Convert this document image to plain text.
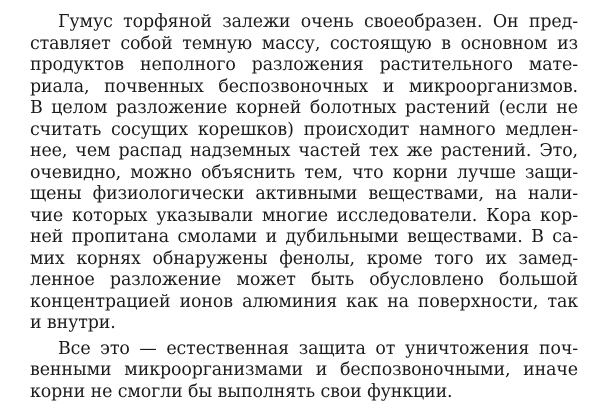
Гумус торфяной залежи очень своеобразен. Он пред-
ставляет собой темную массу, состоящую в основном из
продуктов неполного разложения растительного мате-
риала, почвенных беспозвоночных и микроорганизмов.
В целом разложение корней болотных растений (если не
считать сосущих корешков) происходит намного медлен-
нее, чем распад надземных частей тех же растений. Это,
очевидно, можно объяснить тем, что корни лучше защи-
щены физиологически активными веществами, на нали-
чие которых указывали многие исследователи. Кора кор-
ней пропитана смолами и дубильными веществами. В са-
мих корнях обнаружены фенолы, кроме того их замед-
ленное разложение может быть обусловлено большой
концентрацией ионов алюминия как на поверхности, так
и внутри.
Все это — естественная защита от уничтожения поч-
венными микроорганизмами и беспозвоночными, иначе
корни не смогли бы выполнять свои функции.
